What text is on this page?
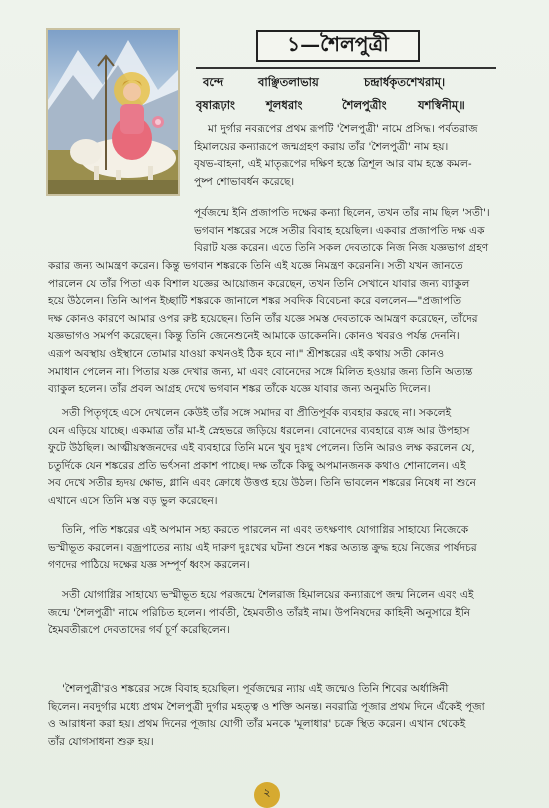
১—শৈলপুত্রী
বন্দে	বাঞ্ছিতলাভায়	চন্দ্রার্ধকৃতশেখরাম্।
বৃষারূঢ়াং	শূলধরাং	শৈলপুত্রীং	যশস্বিনীম্॥
মা দুর্গার নবরূপের প্রথম রূপটি 'শৈলপুত্রী' নামে প্রসিদ্ধ। পর্বতরাজ
হিমালয়ের কন্যারূপে জন্মগ্রহণ করায় তাঁর 'শৈলপুত্রী' নাম হয়।
বৃষভ-বাহনা, এই মাতৃরূপের দক্ষিণ হস্তে ত্রিশূল আর বাম হস্তে কমল-
পুষ্প শোভাবর্ধন করেছে।
পূর্বজন্মে ইনি প্রজাপতি দক্ষের কন্যা ছিলেন, তখন তাঁর নাম ছিল 'সতী'।
ভগবান শঙ্করের সঙ্গে সতীর বিবাহ হয়েছিল। একবার প্রজাপতি দক্ষ এক
বিরাট যজ্ঞ করেন। এতে তিনি সকল দেবতাকে নিজ নিজ যজ্ঞভাগ গ্রহণ
করার জন্য আমন্ত্রণ করেন। কিন্তু ভগবান শঙ্করকে তিনি এই যজ্ঞে নিমন্ত্রণ করেননি। সতী যখন জানতে
পারলেন যে তাঁর পিতা এক বিশাল যজ্ঞের আয়োজন করেছেন, তখন তিনি সেখানে যাবার জন্য ব্যাকুল
হয়ে উঠলেন। তিনি আপন ইচ্ছাটি শঙ্করকে জানালে শঙ্কর সবদিক বিবেচনা করে বললেন—"প্রজাপতি
দক্ষ কোনও কারণে আমার ওপর রুষ্ট হয়েছেন। তিনি তাঁর যজ্ঞে সমস্ত দেবতাকে আমন্ত্রণ করেছেন, তাঁদের
যজ্ঞভাগও সমর্পণ করেছেন। কিন্তু তিনি জেনেশুনেই আমাকে ডাকেননি। কোনও খবরও পর্যন্ত দেননি।
এরূপ অবস্থায় ওইস্থানে তোমার যাওয়া কখনওই ঠিক হবে না।" শ্রীশঙ্করের এই কথায় সতী কোনও
সমাধান পেলেন না। পিতার যজ্ঞ দেখার জন্য, মা এবং বোনেদের সঙ্গে মিলিত হওয়ার জন্য তিনি অত্যন্ত
ব্যাকুল হলেন। তাঁর প্রবল আগ্রহ দেখে ভগবান শঙ্কর তাঁকে যজ্ঞে যাবার জন্য অনুমতি দিলেন।
সতী পিতৃগৃহে এসে দেখলেন কেউই তাঁর সঙ্গে সমাদর বা প্রীতিপূর্বক ব্যবহার করছে না। সকলেই
যেন এড়িয়ে যাচ্ছে। একমাত্র তাঁর মা-ই স্নেহভরে জড়িয়ে ধরলেন। বোনেদের ব্যবহারে ব্যঙ্গ আর উপহাস
ফুটে উঠছিল। আত্মীয়স্বজনদের এই ব্যবহারে তিনি মনে খুব দুঃখ পেলেন। তিনি আরও লক্ষ করলেন যে,
চতুর্দিকে যেন শঙ্করের প্রতি ভর্ৎসনা প্রকাশ পাচ্ছে। দক্ষ তাঁকে কিছু অপমানজনক কথাও শোনালেন। এই
সব দেখে সতীর হৃদয় ক্ষোভ, গ্লানি এবং ক্রোধে উত্তপ্ত হয়ে উঠল। তিনি ভাবলেন শঙ্করের নিষেধ না শুনে
এখানে এসে তিনি মস্ত বড় ভুল করেছেন।
তিনি, পতি শঙ্করের এই অপমান সহ্য করতে পারলেন না এবং তৎক্ষণাৎ যোগাগ্নির সাহায্যে নিজেকে
ভস্মীভূত করলেন। বজ্রপাতের ন্যায় এই দারুণ দুঃখের ঘটনা শুনে শঙ্কর অত্যন্ত ক্রুদ্ধ হয়ে নিজের পার্ষদচর
গণদের পাঠিয়ে দক্ষের যজ্ঞ সম্পূর্ণ ধ্বংস করলেন।
সতী যোগাগ্নির সাহায্যে ভস্মীভূত হয়ে পরজন্মে শৈলরাজ হিমালয়ের কন্যারূপে জন্ম নিলেন এবং এই
জন্মে 'শৈলপুত্রী' নামে পরিচিত হলেন। পার্বতী, হৈমবতীও তাঁরই নাম। উপনিষদের কাহিনী অনুসারে ইনি
হৈমবতীরূপে দেবতাদের গর্ব চূর্ণ করেছিলেন।
'শৈলপুত্রী'রও শঙ্করের সঙ্গে বিবাহ হয়েছিল। পূর্বজন্মের ন্যায় এই জন্মেও তিনি শিবের অর্ধাঙ্গিনী
ছিলেন। নবদুর্গার মধ্যে প্রথম শৈলপুত্রী দুর্গার মহত্ত্ব ও শক্তি অনন্ত। নবরাত্রি পূজার প্রথম দিনে এঁকেই পূজা
ও আরাধনা করা হয়। প্রথম দিনের পূজায় যোগী তাঁর মনকে 'মূলাধার' চক্রে স্থিত করেন। এখান থেকেই
তাঁর যোগসাধনা শুরু হয়।
২
